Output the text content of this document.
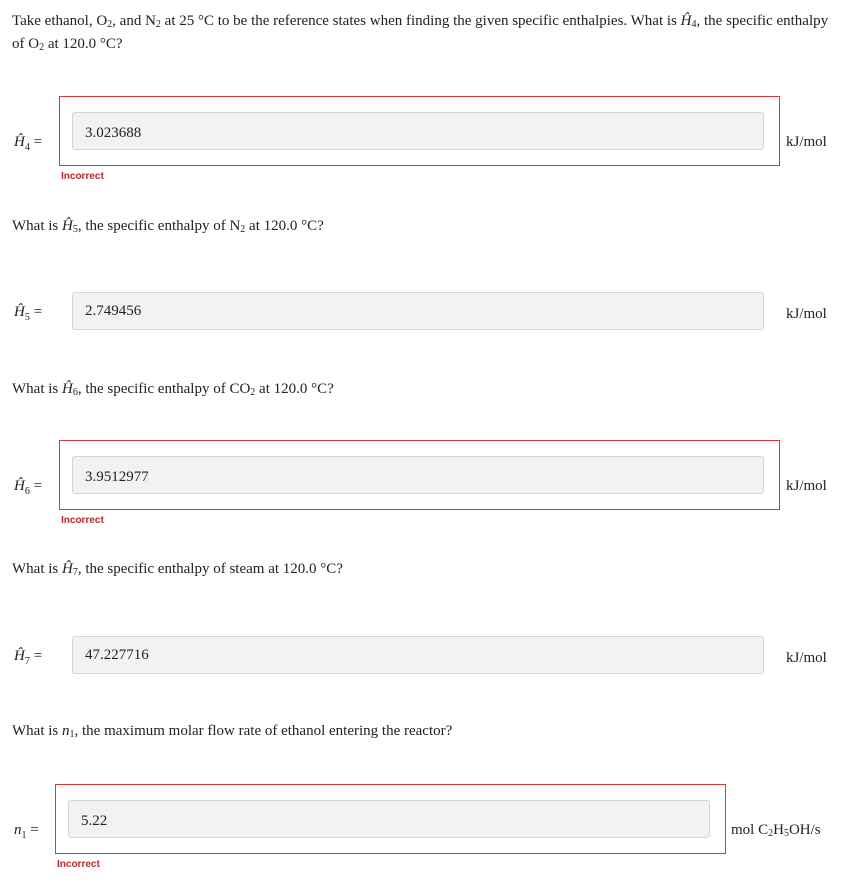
Take ethanol, $O_2$, and $N_2$ at 25 °C to be the reference states when finding the given specific enthalpies. What is $Ĥ_4$, the specific enthalpy of $O_2$ at 120.0 °C?

$Ĥ_4$ =
3.023688	kJ/mol
Incorrect

What is $Ĥ_5$, the specific enthalpy of $N_2$ at 120.0 °C?

$Ĥ_5$ =
2.749456	kJ/mol

What is $Ĥ_6$, the specific enthalpy of $CO_2$ at 120.0 °C?

$Ĥ_6$ =
3.9512977	kJ/mol
Incorrect

What is $Ĥ_7$, the specific enthalpy of steam at 120.0 °C?

$Ĥ_7$ =
47.227716	kJ/mol

What is $n_1$, the maximum molar flow rate of ethanol entering the reactor?

$n_1$ =
5.22	mol $C_2H_5OH/s$
Incorrect
